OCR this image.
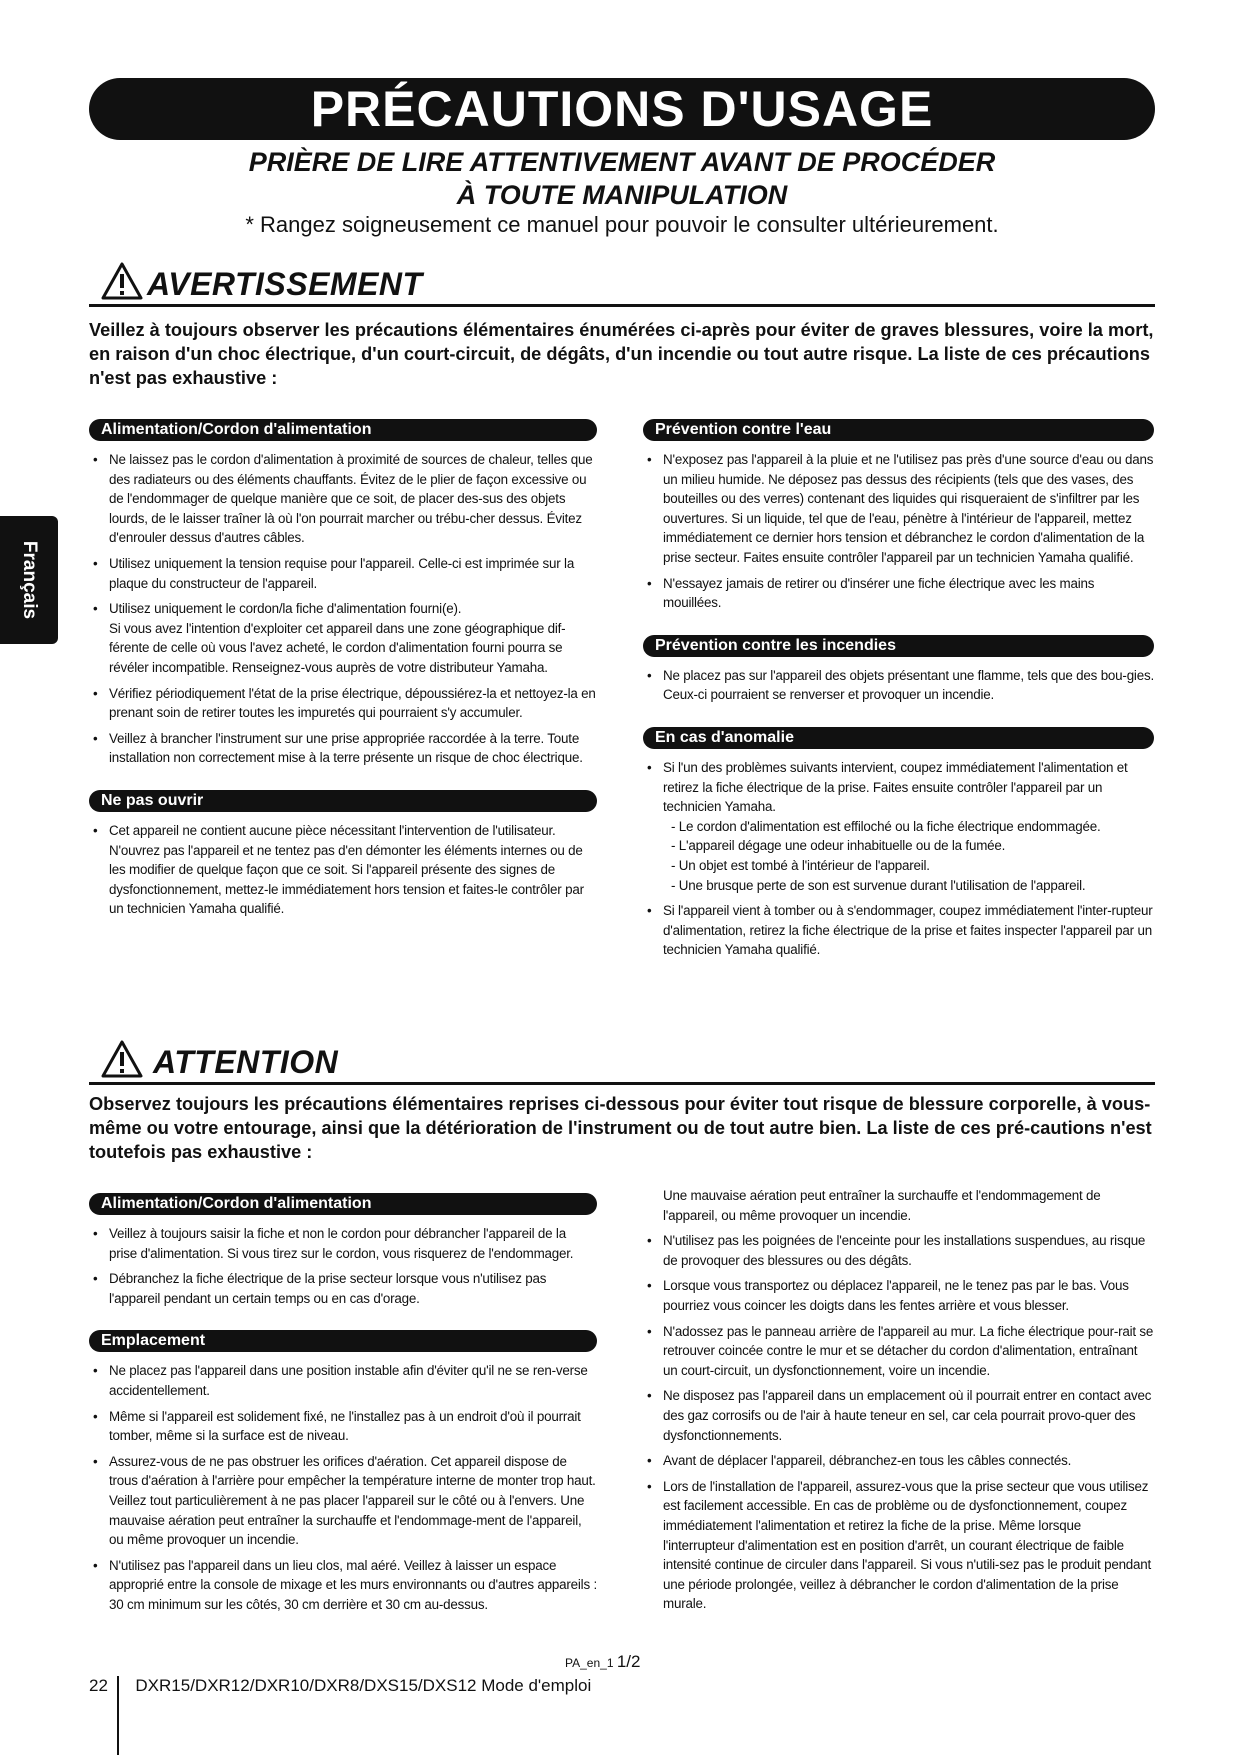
PRÉCAUTIONS D'USAGE
PRIÈRE DE LIRE ATTENTIVEMENT AVANT DE PROCÉDER
À TOUTE MANIPULATION
* Rangez soigneusement ce manuel pour pouvoir le consulter ultérieurement.
Français
AVERTISSEMENT
Veillez à toujours observer les précautions élémentaires énumérées ci-après pour éviter de graves blessures, voire la mort, en raison d'un choc électrique, d'un court-circuit, de dégâts, d'un incendie ou tout autre risque. La liste de ces précautions n'est pas exhaustive :
Alimentation/Cordon d'alimentation
• Ne laissez pas le cordon d'alimentation à proximité de sources de chaleur, telles que des radiateurs ou des éléments chauffants. Évitez de le plier de façon excessive ou de l'endommager de quelque manière que ce soit, de placer des-sus des objets lourds, de le laisser traîner là où l'on pourrait marcher ou trébu-cher dessus. Évitez d'enrouler dessus d'autres câbles.
• Utilisez uniquement la tension requise pour l'appareil. Celle-ci est imprimée sur la plaque du constructeur de l'appareil.
• Utilisez uniquement le cordon/la fiche d'alimentation fourni(e).
Si vous avez l'intention d'exploiter cet appareil dans une zone géographique dif-férente de celle où vous l'avez acheté, le cordon d'alimentation fourni pourra se révéler incompatible. Renseignez-vous auprès de votre distributeur Yamaha.
• Vérifiez périodiquement l'état de la prise électrique, dépoussiérez-la et nettoyez-la en prenant soin de retirer toutes les impuretés qui pourraient s'y accumuler.
• Veillez à brancher l'instrument sur une prise appropriée raccordée à la terre. Toute installation non correctement mise à la terre présente un risque de choc électrique.
Ne pas ouvrir
• Cet appareil ne contient aucune pièce nécessitant l'intervention de l'utilisateur. N'ouvrez pas l'appareil et ne tentez pas d'en démonter les éléments internes ou de les modifier de quelque façon que ce soit. Si l'appareil présente des signes de dysfonctionnement, mettez-le immédiatement hors tension et faites-le contrôler par un technicien Yamaha qualifié.
Prévention contre l'eau
• N'exposez pas l'appareil à la pluie et ne l'utilisez pas près d'une source d'eau ou dans un milieu humide. Ne déposez pas dessus des récipients (tels que des vases, des bouteilles ou des verres) contenant des liquides qui risqueraient de s'infiltrer par les ouvertures. Si un liquide, tel que de l'eau, pénètre à l'intérieur de l'appareil, mettez immédiatement ce dernier hors tension et débranchez le cordon d'alimentation de la prise secteur. Faites ensuite contrôler l'appareil par un technicien Yamaha qualifié.
• N'essayez jamais de retirer ou d'insérer une fiche électrique avec les mains mouillées.
Prévention contre les incendies
• Ne placez pas sur l'appareil des objets présentant une flamme, tels que des bou-gies. Ceux-ci pourraient se renverser et provoquer un incendie.
En cas d'anomalie
• Si l'un des problèmes suivants intervient, coupez immédiatement l'alimentation et retirez la fiche électrique de la prise. Faites ensuite contrôler l'appareil par un technicien Yamaha.
- Le cordon d'alimentation est effiloché ou la fiche électrique endommagée.
- L'appareil dégage une odeur inhabituelle ou de la fumée.
- Un objet est tombé à l'intérieur de l'appareil.
- Une brusque perte de son est survenue durant l'utilisation de l'appareil.
• Si l'appareil vient à tomber ou à s'endommager, coupez immédiatement l'inter-rupteur d'alimentation, retirez la fiche électrique de la prise et faites inspecter l'appareil par un technicien Yamaha qualifié.
ATTENTION
Observez toujours les précautions élémentaires reprises ci-dessous pour éviter tout risque de blessure corporelle, à vous-même ou votre entourage, ainsi que la détérioration de l'instrument ou de tout autre bien. La liste de ces pré-cautions n'est toutefois pas exhaustive :
Alimentation/Cordon d'alimentation
• Veillez à toujours saisir la fiche et non le cordon pour débrancher l'appareil de la prise d'alimentation. Si vous tirez sur le cordon, vous risquerez de l'endommager.
• Débranchez la fiche électrique de la prise secteur lorsque vous n'utilisez pas l'appareil pendant un certain temps ou en cas d'orage.
Emplacement
• Ne placez pas l'appareil dans une position instable afin d'éviter qu'il ne se ren-verse accidentellement.
• Même si l'appareil est solidement fixé, ne l'installez pas à un endroit d'où il pourrait tomber, même si la surface est de niveau.
• Assurez-vous de ne pas obstruer les orifices d'aération. Cet appareil dispose de trous d'aération à l'arrière pour empêcher la température interne de monter trop haut. Veillez tout particulièrement à ne pas placer l'appareil sur le côté ou à l'envers. Une mauvaise aération peut entraîner la surchauffe et l'endommage-ment de l'appareil, ou même provoquer un incendie.
• N'utilisez pas l'appareil dans un lieu clos, mal aéré. Veillez à laisser un espace approprié entre la console de mixage et les murs environnants ou d'autres appareils : 30 cm minimum sur les côtés, 30 cm derrière et 30 cm au-dessus.
Une mauvaise aération peut entraîner la surchauffe et l'endommagement de l'appareil, ou même provoquer un incendie.
• N'utilisez pas les poignées de l'enceinte pour les installations suspendues, au risque de provoquer des blessures ou des dégâts.
• Lorsque vous transportez ou déplacez l'appareil, ne le tenez pas par le bas. Vous pourriez vous coincer les doigts dans les fentes arrière et vous blesser.
• N'adossez pas le panneau arrière de l'appareil au mur. La fiche électrique pour-rait se retrouver coincée contre le mur et se détacher du cordon d'alimentation, entraînant un court-circuit, un dysfonctionnement, voire un incendie.
• Ne disposez pas l'appareil dans un emplacement où il pourrait entrer en contact avec des gaz corrosifs ou de l'air à haute teneur en sel, car cela pourrait provo-quer des dysfonctionnements.
• Avant de déplacer l'appareil, débranchez-en tous les câbles connectés.
• Lors de l'installation de l'appareil, assurez-vous que la prise secteur que vous utilisez est facilement accessible. En cas de problème ou de dysfonctionnement, coupez immédiatement l'alimentation et retirez la fiche de la prise. Même lorsque l'interrupteur d'alimentation est en position d'arrêt, un courant électrique de faible intensité continue de circuler dans l'appareil. Si vous n'utili-sez pas le produit pendant une période prolongée, veillez à débrancher le cordon d'alimentation de la prise murale.
PA_en_1 1/2
22 DXR15/DXR12/DXR10/DXR8/DXS15/DXS12 Mode d'emploi
